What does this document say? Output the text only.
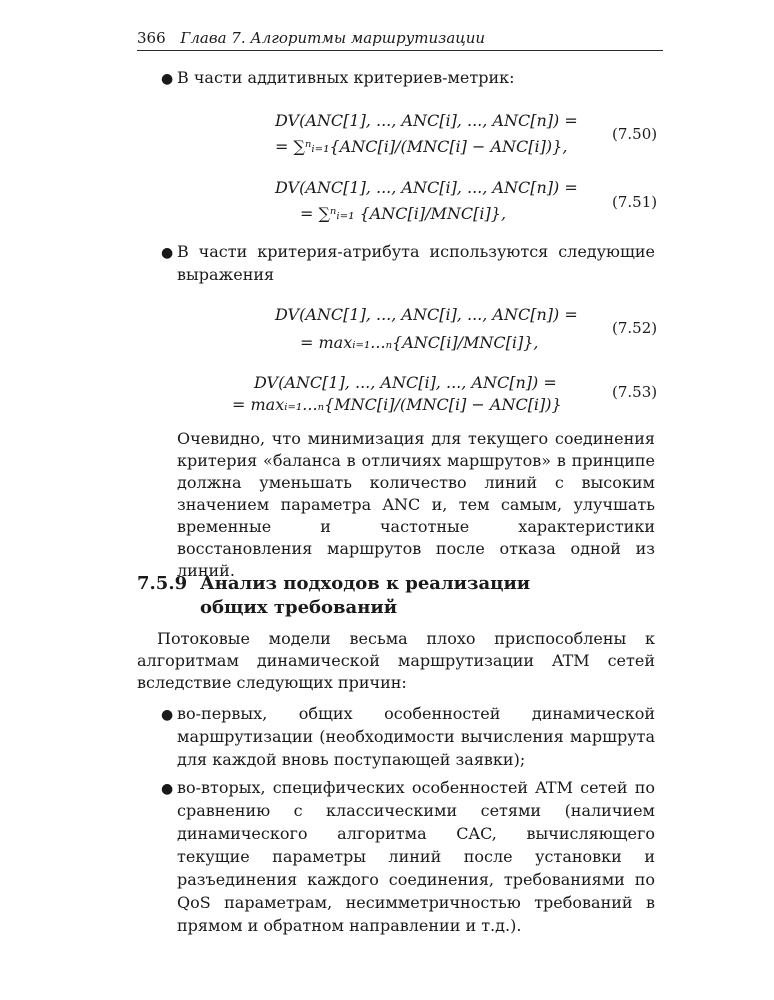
366 Глава 7. Алгоритмы маршрутизации
● В части аддитивных критериев-метрик:
DV(ANC[1], ..., ANC[i], ..., ANC[n]) =
= ∑ⁿᵢ₌₁{ANC[i]/(MNC[i] − ANC[i])},
(7.50)
DV(ANC[1], ..., ANC[i], ..., ANC[n]) =
= ∑ⁿᵢ₌₁ {ANC[i]/MNC[i]},
(7.51)
● В части критерия-атрибута используются следующие выражения
DV(ANC[1], ..., ANC[i], ..., ANC[n]) =
= maxᵢ₌₁...ₙ{ANC[i]/MNC[i]},
(7.52)
DV(ANC[1], ..., ANC[i], ..., ANC[n]) =
= maxᵢ₌₁...ₙ{MNC[i]/(MNC[i] − ANC[i])}
(7.53)
Очевидно, что минимизация для текущего соединения критерия «баланса в отличиях маршрутов» в принципе должна уменьшать количество линий с высоким значением параметра ANC и, тем самым, улучшать временные и частотные характеристики восстановления маршрутов после отказа одной из линий.
7.5.9 Анализ подходов к реализации общих требований
Потоковые модели весьма плохо приспособлены к алгоритмам динамической маршрутизации ATM сетей вследствие следующих причин:
● во-первых, общих особенностей динамической маршрутизации (необходимости вычисления маршрута для каждой вновь поступающей заявки);
● во-вторых, специфических особенностей ATM сетей по сравнению с классическими сетями (наличием динамического алгоритма CAC, вычисляющего текущие параметры линий после установки и разъединения каждого соединения, требованиями по QoS параметрам, несимметричностью требований в прямом и обратном направлении и т.д.).
